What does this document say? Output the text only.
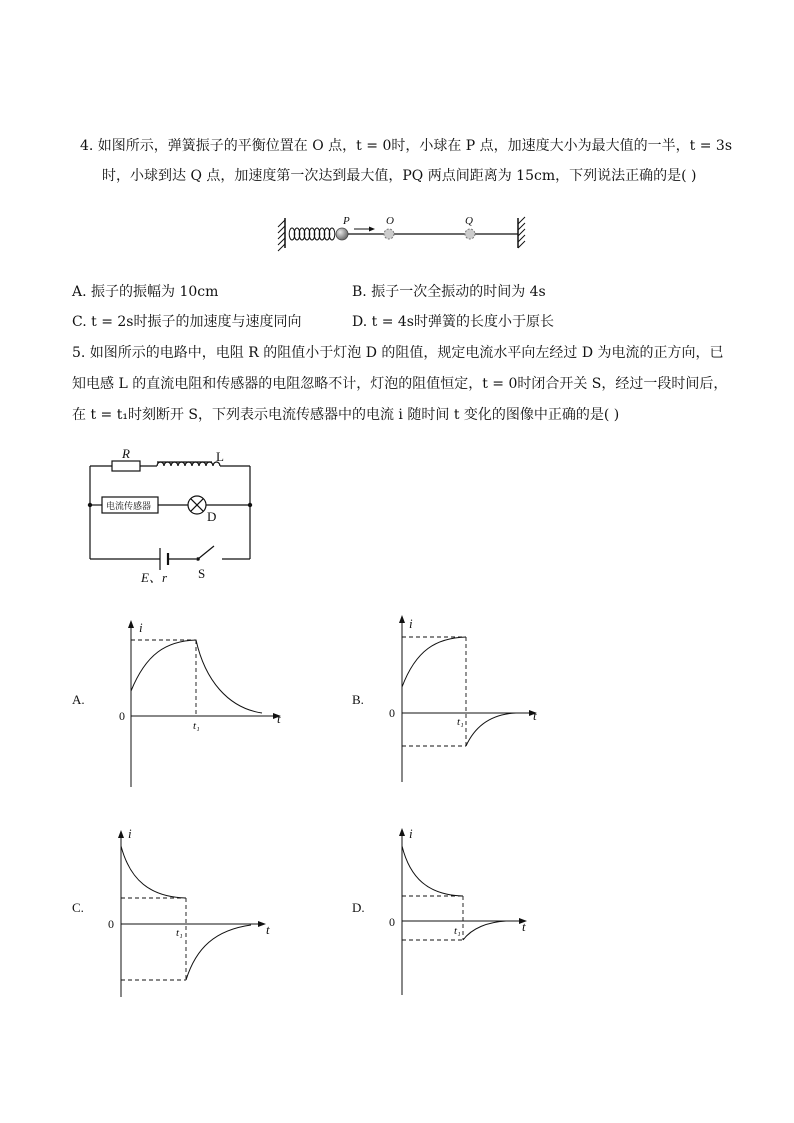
4. 如图所示，弹簧振子的平衡位置在 O 点，t = 0时，小球在 P 点，加速度大小为最大值的一半，t = 3s
时，小球到达 Q 点，加速度第一次达到最大值，PQ 两点间距离为 15cm，下列说法正确的是( )
P	O	Q
A. 振子的振幅为 10cm	B. 振子一次全振动的时间为 4s
C. t = 2s时振子的加速度与速度同向	D. t = 4s时弹簧的长度小于原长
5. 如图所示的电路中，电阻 R 的阻值小于灯泡 D 的阻值，规定电流水平向左经过 D 为电流的正方向，已
知电感 L 的直流电阻和传感器的电阻忽略不计，灯泡的阻值恒定，t = 0时闭合开关 S，经过一段时间后，
在 t = t₁时刻断开 S，下列表示电流传感器中的电流 i 随时间 t 变化的图像中正确的是( )
R	L
电流传感器
D
E、r S
A.
i
0
t₁	t
B.
i
0
t₁	t
C.
i
0
t₁	t
D.
i
0
t₁	t
